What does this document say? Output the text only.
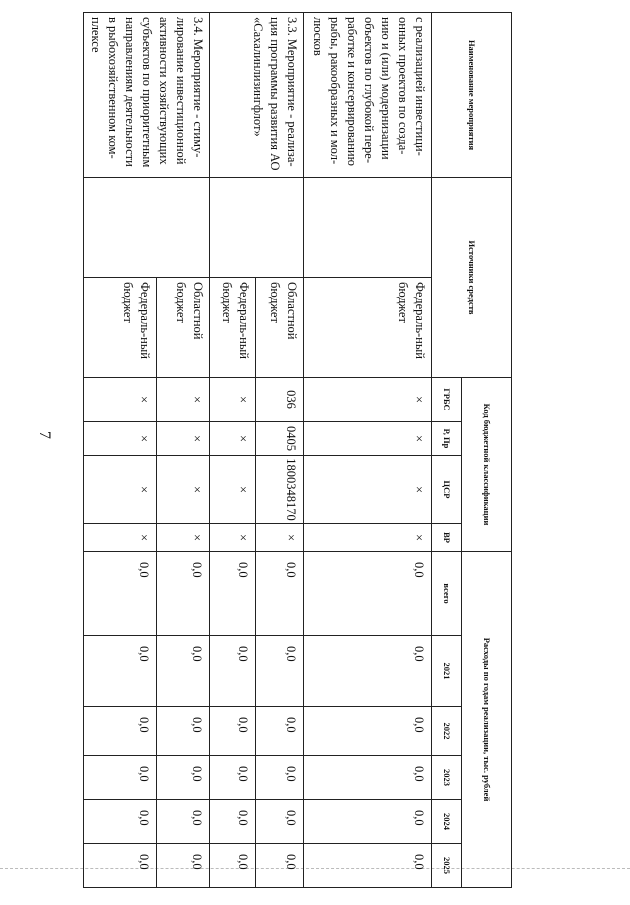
7
Наименование мероприятия	Источники средств		Код бюджетной классификации				Расходы по годам реализации, тыс. рублей					
			ГРБС	Р, Пр	ЦСР	ВР	всего	2021	2022	2023	2024	2025
с реализацией инвестици-онных проектов по созда-нию и (или) модернизации объектов по глубокой пере-работке и консервированию рыбы, ракообразных и мол-люсков		Федераль-ный бюджет	×	×	×	×	0,0	0,0	0,0	0,0	0,0	0,0
3.3. Мероприятие - реализа-ция программы развития АО «Сахалинлизингфлот»		Областной бюджет	036	0405	1800348170	×	0,0	0,0	0,0	0,0	0,0	0,0
		Федераль-ный бюджет	×	×	×	×	0,0	0,0	0,0	0,0	0,0	0,0
3.4. Мероприятие - стиму-лирование инвестиционной активности хозяйствующих субъектов по приоритетным направлениям деятельности в рыбохозяйственном ком-плексе		Областной бюджет	×	×	×	×	0,0	0,0	0,0	0,0	0,0	0,0
		Федераль-ный бюджет	×	×	×	×	0,0	0,0	0,0	0,0	0,0	0,0
